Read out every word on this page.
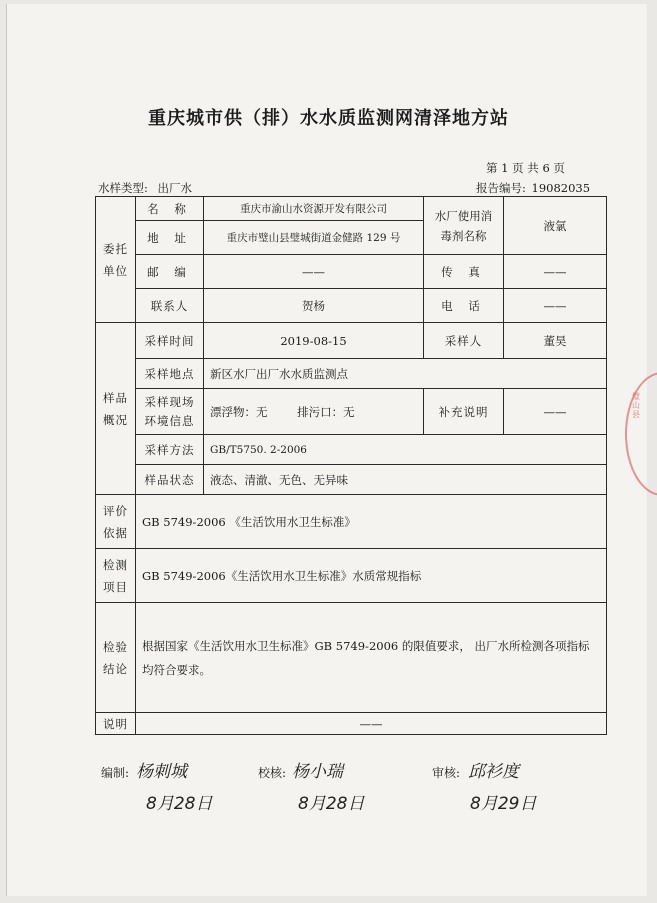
重庆城市供（排）水水质监测网清泽地方站
第 1 页 共 6 页
水样类型: 出厂水	报告编号: 19082035
璧山县
委托
单位	名 称	重庆市渝山水资源开发有限公司	水厂使用消毒剂名称	液氯
	地 址	重庆市璧山县璧城街道金健路 129 号		
	邮 编	——	传 真	——
	联系人	贺杨	电 话	——
样品
概况	采样时间	2019-08-15	采样人	董昊
	采样地点	新区水厂出厂水水质监测点		
	采样现场环境信息	漂浮物：无 排污口：无	补充说明	——
	采样方法	GB/T5750. 2-2006		
	样品状态	液态、清澈、无色、无异味		
评价
依据	GB 5749-2006 《生活饮用水卫生标准》			
检测
项目	GB 5749-2006《生活饮用水卫生标准》水质常规指标			
检验
结论	根据国家《生活饮用水卫生标准》GB 5749-2006 的限值要求， 出厂水所检测各项指标均符合要求。			
说明	——			
编制: 杨刺城
8月28日
校核: 杨小瑞
8月28日
审核: 邱衫度
8月29日
